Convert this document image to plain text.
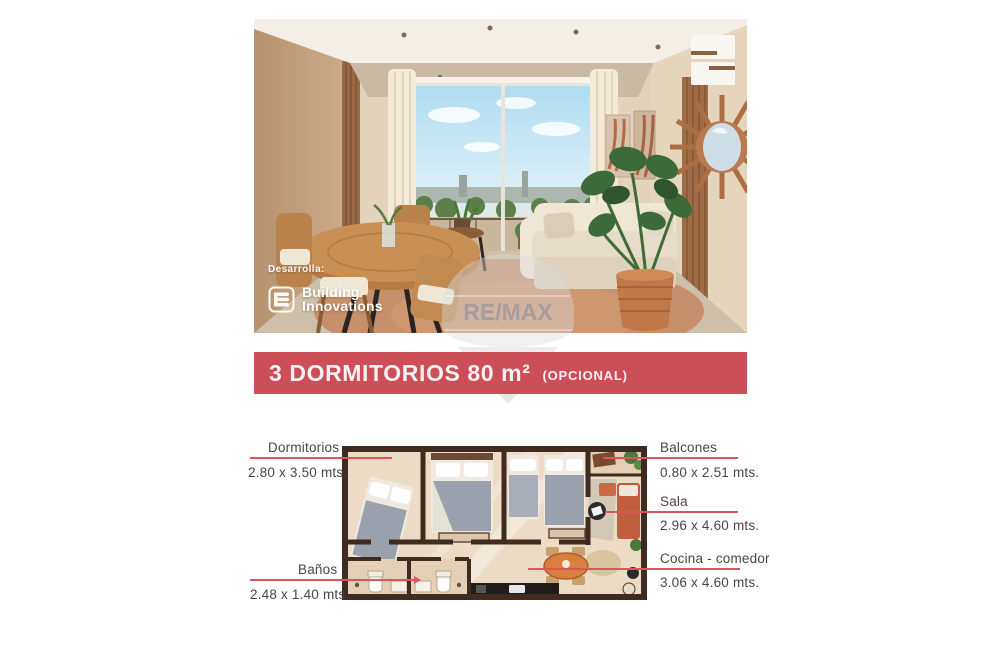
Desarrolla:
Building
Innovations	RE/MAX
3 DORMITORIOS 80 m² (OPCIONAL)
Dormitorios
2.80 x 3.50 mts.
Balcones
0.80 x 2.51 mts.
Sala
2.96 x 4.60 mts.
Cocina - comedor
3.06 x 4.60 mts.
Baños
2.48 x 1.40 mts.
